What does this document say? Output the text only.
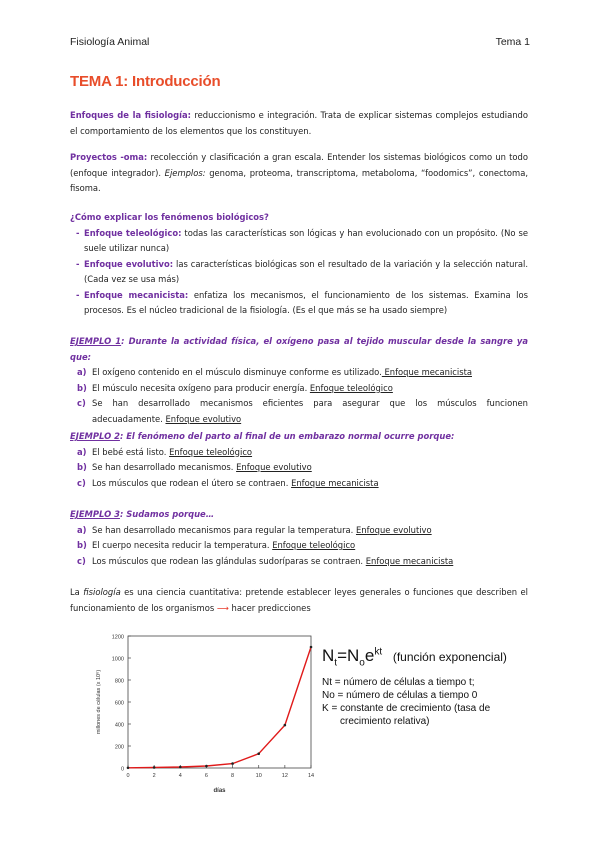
Fisiología Animal	Tema 1
TEMA 1: Introducción
Enfoques de la fisiología: reduccionismo e integración. Trata de explicar sistemas complejos estudiando el comportamiento de los elementos que los constituyen.
Proyectos -oma: recolección y clasificación a gran escala. Entender los sistemas biológicos como un todo (enfoque integrador). Ejemplos: genoma, proteoma, transcriptoma, metaboloma, “foodomics”, conectoma, fisoma.
¿Cómo explicar los fenómenos biológicos?
- Enfoque teleológico: todas las características son lógicas y han evolucionado con un propósito. (No se suele utilizar nunca)
- Enfoque evolutivo: las características biológicas son el resultado de la variación y la selección natural. (Cada vez se usa más)
- Enfoque mecanicista: enfatiza los mecanismos, el funcionamiento de los sistemas. Examina los procesos. Es el núcleo tradicional de la fisiología. (Es el que más se ha usado siempre)
EJEMPLO 1: Durante la actividad física, el oxígeno pasa al tejido muscular desde la sangre ya que:
a) El oxígeno contenido en el músculo disminuye conforme es utilizado. Enfoque mecanicista
b) El músculo necesita oxígeno para producir energía. Enfoque teleológico
c) Se han desarrollado mecanismos eficientes para asegurar que los músculos funcionen adecuadamente. Enfoque evolutivo
EJEMPLO 2: El fenómeno del parto al final de un embarazo normal ocurre porque:
a) El bebé está listo. Enfoque teleológico
b) Se han desarrollado mecanismos. Enfoque evolutivo
c) Los músculos que rodean el útero se contraen. Enfoque mecanicista
EJEMPLO 3: Sudamos porque…
a) Se han desarrollado mecanismos para regular la temperatura. Enfoque evolutivo
b) El cuerpo necesita reducir la temperatura. Enfoque teleológico
c) Los músculos que rodean las glándulas sudoríparas se contraen. Enfoque mecanicista
La fisiología es una ciencia cuantitativa: pretende establecer leyes generales o funciones que describen el funcionamiento de los organismos ⟶ hacer predicciones
0
200
400
600
800
1000
1200
0	2	4	6	8	10	12	14
días
millones de células (x 10⁶)
$N_t=N_oe^{kt}$ (función exponencial)
Nt = número de células a tiempo t;
No = número de células a tiempo 0
K = constante de crecimiento (tasa de
crecimiento relativa)
